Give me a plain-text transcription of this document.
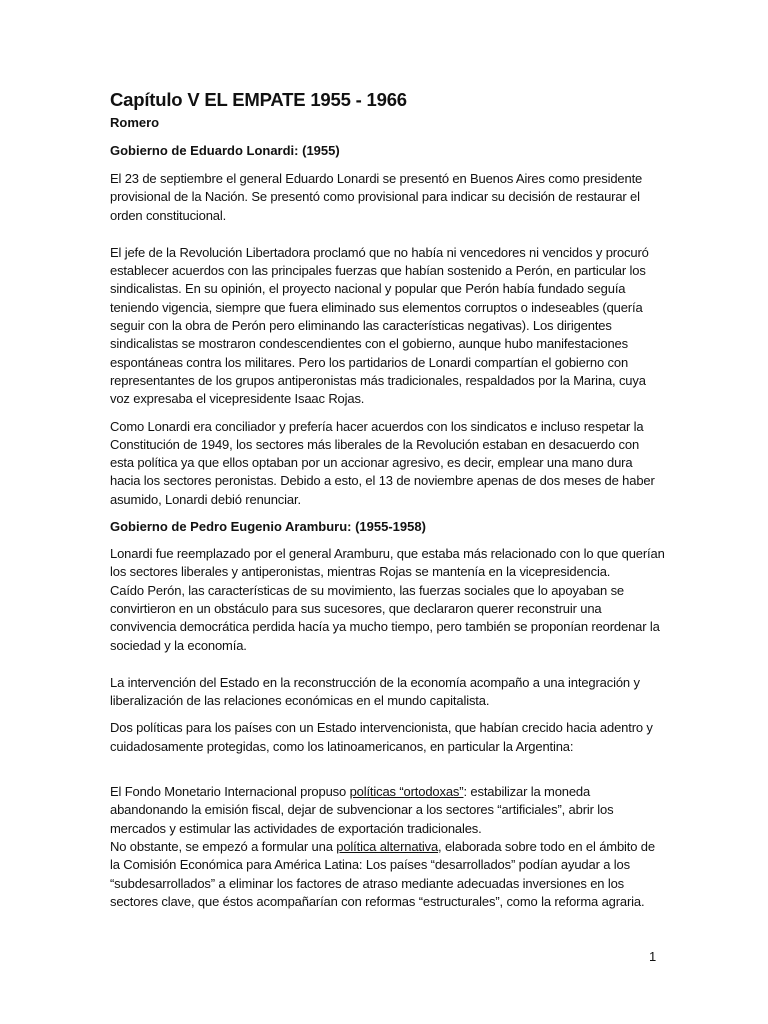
Capítulo V EL EMPATE 1955 - 1966
Romero
Gobierno de Eduardo Lonardi: (1955)

El 23 de septiembre el general Eduardo Lonardi se presentó en Buenos Aires como presidente provisional de la Nación. Se presentó como provisional para indicar su decisión de restaurar el orden constitucional.

El jefe de la Revolución Libertadora proclamó que no había ni vencedores ni vencidos y procuró establecer acuerdos con las principales fuerzas que habían sostenido a Perón, en particular los sindicalistas. En su opinión, el proyecto nacional y popular que Perón había fundado seguía teniendo vigencia, siempre que fuera eliminado sus elementos corruptos o indeseables (quería seguir con la obra de Perón pero eliminando las características negativas). Los dirigentes sindicalistas se mostraron condescendientes con el gobierno, aunque hubo manifestaciones espontáneas contra los militares. Pero los partidarios de Lonardi compartían el gobierno con representantes de los grupos antiperonistas más tradicionales, respaldados por la Marina, cuya voz expresaba el vicepresidente Isaac Rojas.

Como Lonardi era conciliador y prefería hacer acuerdos con los sindicatos e incluso respetar la Constitución de 1949, los sectores más liberales de la Revolución estaban en desacuerdo con esta política ya que ellos optaban por un accionar agresivo, es decir, emplear una mano dura hacia los sectores peronistas. Debido a esto, el 13 de noviembre apenas de dos meses de haber asumido, Lonardi debió renunciar.

Gobierno de Pedro Eugenio Aramburu: (1955-1958)

Lonardi fue reemplazado por el general Aramburu, que estaba más relacionado con lo que querían los sectores liberales y antiperonistas, mientras Rojas se mantenía en la vicepresidencia.

Caído Perón, las características de su movimiento, las fuerzas sociales que lo apoyaban se convirtieron en un obstáculo para sus sucesores, que declararon querer reconstruir una convivencia democrática perdida hacía ya mucho tiempo, pero también se proponían reordenar la sociedad y la economía.

La intervención del Estado en la reconstrucción de la economía acompaño a una integración y liberalización de las relaciones económicas en el mundo capitalista.

Dos políticas para los países con un Estado intervencionista, que habían crecido hacia adentro y cuidadosamente protegidas, como los latinoamericanos, en particular la Argentina:

El Fondo Monetario Internacional propuso políticas “ortodoxas”: estabilizar la moneda abandonando la emisión fiscal, dejar de subvencionar a los sectores “artificiales”, abrir los mercados y estimular las actividades de exportación tradicionales.

No obstante, se empezó a formular una política alternativa, elaborada sobre todo en el ámbito de la Comisión Económica para América Latina: Los países “desarrollados” podían ayudar a los “subdesarrollados” a eliminar los factores de atraso mediante adecuadas inversiones en los sectores clave, que éstos acompañarían con reformas “estructurales”, como la reforma agraria.

1
